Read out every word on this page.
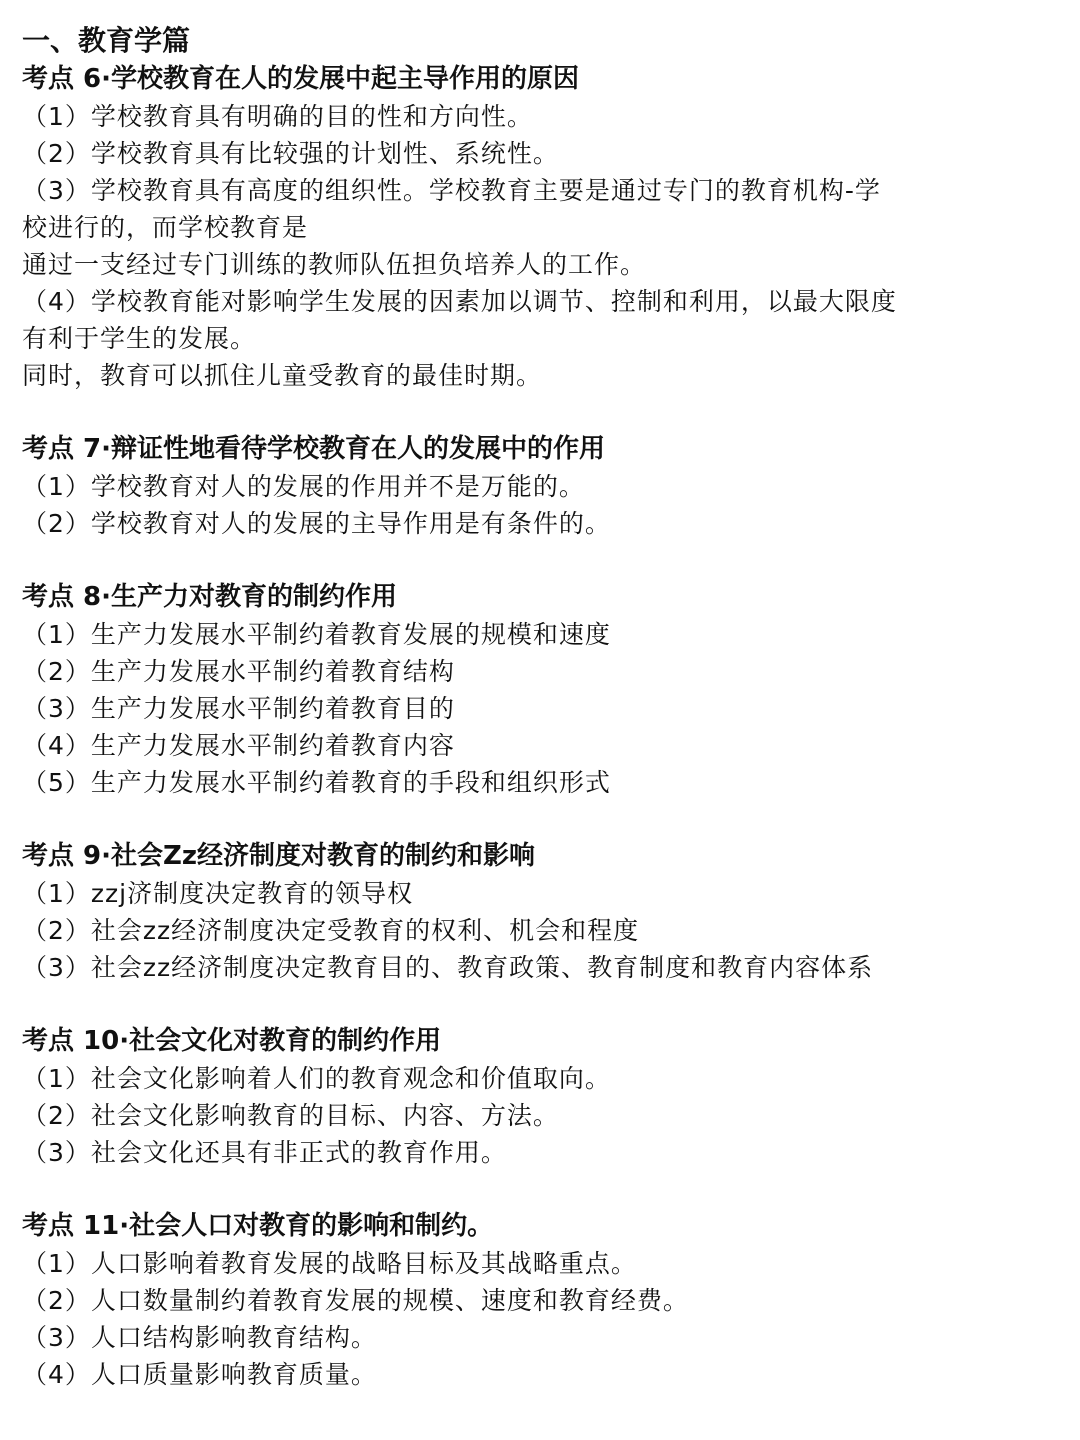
一、教育学篇
考点 6·学校教育在人的发展中起主导作用的原因
（1）学校教育具有明确的目的性和方向性。
（2）学校教育具有比较强的计划性、系统性。
（3）学校教育具有高度的组织性。学校教育主要是通过专门的教育机构-学
校进行的，而学校教育是
通过一支经过专门训练的教师队伍担负培养人的工作。
（4）学校教育能对影响学生发展的因素加以调节、控制和利用，以最大限度
有利于学生的发展。
同时，教育可以抓住儿童受教育的最佳时期。
考点 7·辩证性地看待学校教育在人的发展中的作用
（1）学校教育对人的发展的作用并不是万能的。
（2）学校教育对人的发展的主导作用是有条件的。
考点 8·生产力对教育的制约作用
（1）生产力发展水平制约着教育发展的规模和速度
（2）生产力发展水平制约着教育结构
（3）生产力发展水平制约着教育目的
（4）生产力发展水平制约着教育内容
（5）生产力发展水平制约着教育的手段和组织形式
考点 9·社会Zz经济制度对教育的制约和影响
（1）zzj济制度决定教育的领导权
（2）社会zz经济制度决定受教育的权利、机会和程度
（3）社会zz经济制度决定教育目的、教育政策、教育制度和教育内容体系
考点 10·社会文化对教育的制约作用
（1）社会文化影响着人们的教育观念和价值取向。
（2）社会文化影响教育的目标、内容、方法。
（3）社会文化还具有非正式的教育作用。
考点 11·社会人口对教育的影响和制约。
（1）人口影响着教育发展的战略目标及其战略重点。
（2）人口数量制约着教育发展的规模、速度和教育经费。
（3）人口结构影响教育结构。
（4）人口质量影响教育质量。
